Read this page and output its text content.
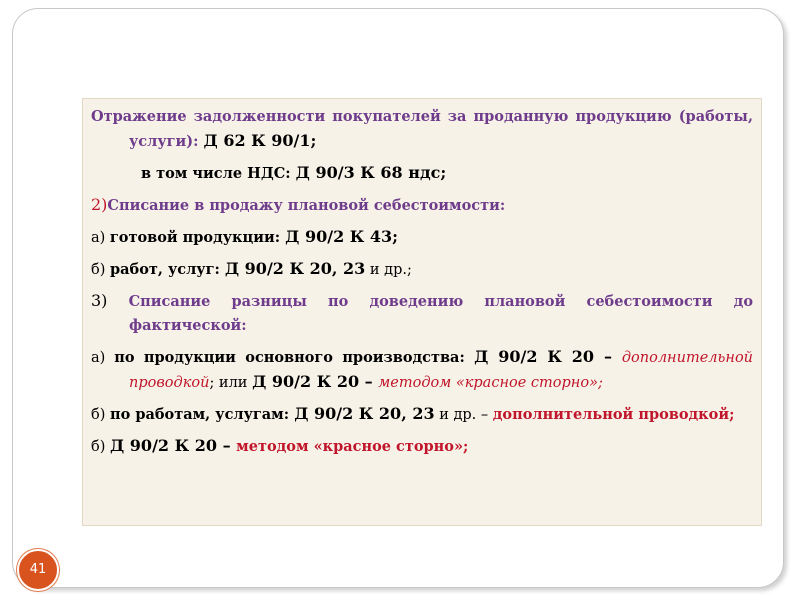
Отражение задолженности покупателей за проданную продукцию (работы, услуги): Д 62 К 90/1;

в том числе НДС: Д 90/3 К 68 ндс;

2)Списание в продажу плановой себестоимости:

а) готовой продукции: Д 90/2 К 43;

б) работ, услуг: Д 90/2 К 20, 23 и др.;

3) Списание разницы по доведению плановой себестоимости до фактической:

а) по продукции основного производства: Д 90/2 К 20 – дополнительной проводкой; или Д 90/2 К 20 – методом «красное сторно»;

б) по работам, услугам: Д 90/2 К 20, 23 и др. – дополнительной проводкой;

б) Д 90/2 К 20 – методом «красное сторно»;

41
